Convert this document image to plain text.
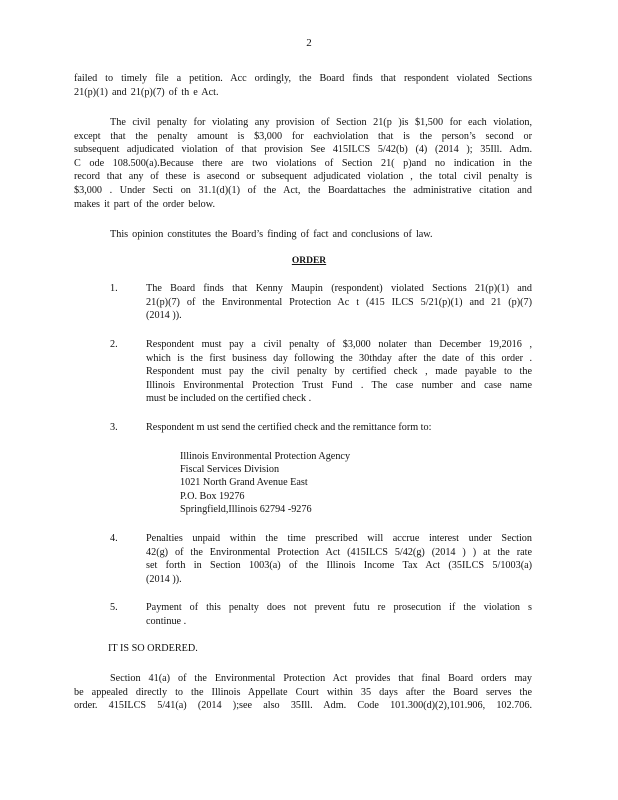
2
failed to timely file a petition. Acc ordingly, the Board finds that respondent violated Sections
21(p)(1) and 21(p)(7) of th e Act.
The civil penalty for violating any provision of Section 21(p )is $1,500 for each violation,
except that the penalty amount is $3,000 for eachviolation that is the person’s second or
subsequent adjudicated violation of that provision See 415ILCS 5/42(b) (4) (2014 ); 35Ill. Adm.
C ode 108.500(a).Because there are two violations of Section 21( p)and no indication in the
record that any of these is asecond or subsequent adjudicated violation , the total civil penalty is
$3,000 . Under Secti on 31.1(d)(1) of the Act, the Boardattaches the administrative citation and
makes it part of the order below.
This opinion constitutes the Board’s finding of fact and conclusions of law.
ORDER
1.	The Board finds that Kenny Maupin (respondent) violated Sections 21(p)(1) and
21(p)(7) of the Environmental Protection Ac t (415 ILCS 5/21(p)(1) and 21 (p)(7)
(2014 )).
2.	Respondent must pay a civil penalty of $3,000 nolater than December 19,2016 ,
which is the first business day following the 30thday after the date of this order .
Respondent must pay the civil penalty by certified check , made payable to the
Illinois Environmental Protection Trust Fund . The case number and case name
must be included on the certified check .
3.	Respondent m ust send the certified check and the remittance form to:
Illinois Environmental Protection Agency
Fiscal Services Division
1021 North Grand Avenue East
P.O. Box 19276
Springfield,Illinois 62794 -9276
4.	Penalties unpaid within the time prescribed will accrue interest under Section
42(g) of the Environmental Protection Act (415ILCS 5/42(g) (2014 ) ) at the rate
set forth in Section 1003(a) of the Illinois Income Tax Act (35ILCS 5/1003(a)
(2014 )).
5.	Payment of this penalty does not prevent futu re prosecution if the violation s
continue .
IT IS SO ORDERED.
Section 41(a) of the Environmental Protection Act provides that final Board orders may
be appealed directly to the Illinois Appellate Court within 35 days after the Board serves the
order. 415ILCS 5/41(a) (2014 );see also 35Ill. Adm. Code 101.300(d)(2),101.906, 102.706.
